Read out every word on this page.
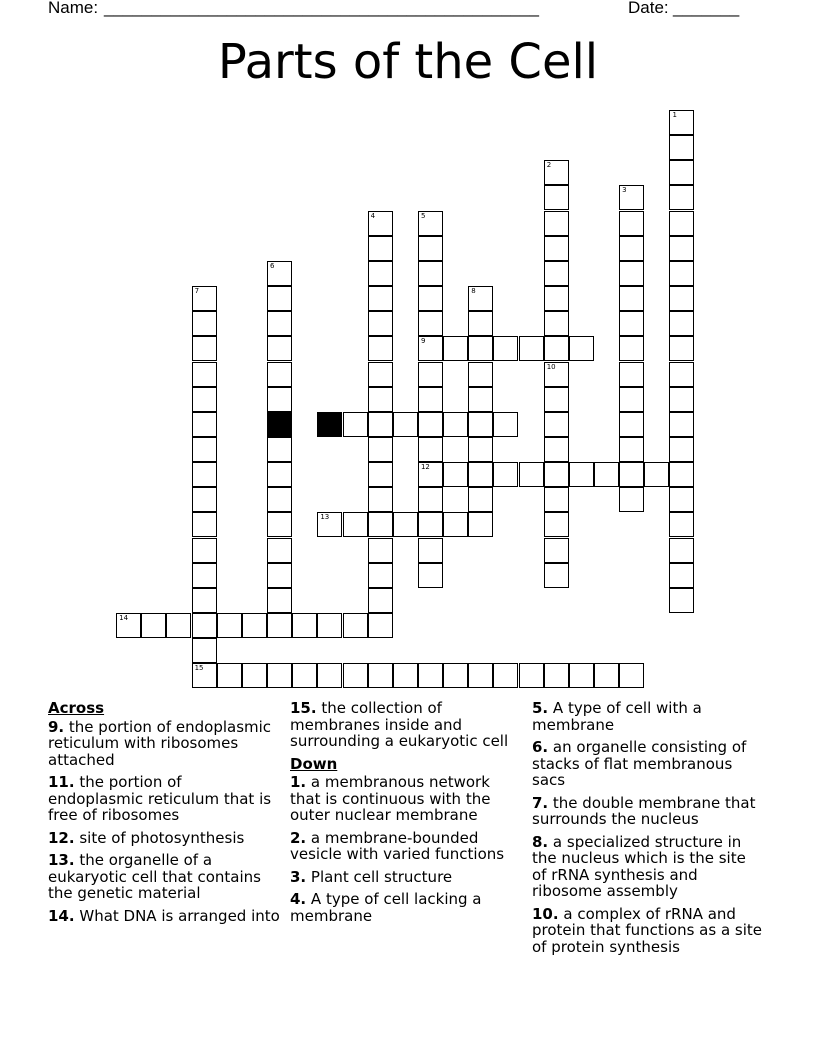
Name: ______________________________________________	Date: _______
Parts of the Cell
9
11
12
13
14
15
1
2
3
4	5
6
7	8
10
Across
9. the portion of endoplasmic reticulum with ribosomes attached
11. the portion of endoplasmic reticulum that is free of ribosomes
12. site of photosynthesis
13. the organelle of a eukaryotic cell that contains the genetic material
14. What DNA is arranged into
15. the collection of membranes inside and surrounding a eukaryotic cell
Down
1. a membranous network that is continuous with the outer nuclear membrane
2. a membrane-bounded vesicle with varied functions
3. Plant cell structure
4. A type of cell lacking a membrane
5. A type of cell with a membrane
6. an organelle consisting of stacks of flat membranous sacs
7. the double membrane that surrounds the nucleus
8. a specialized structure in the nucleus which is the site of rRNA synthesis and ribosome assembly
10. a complex of rRNA and protein that functions as a site of protein synthesis
